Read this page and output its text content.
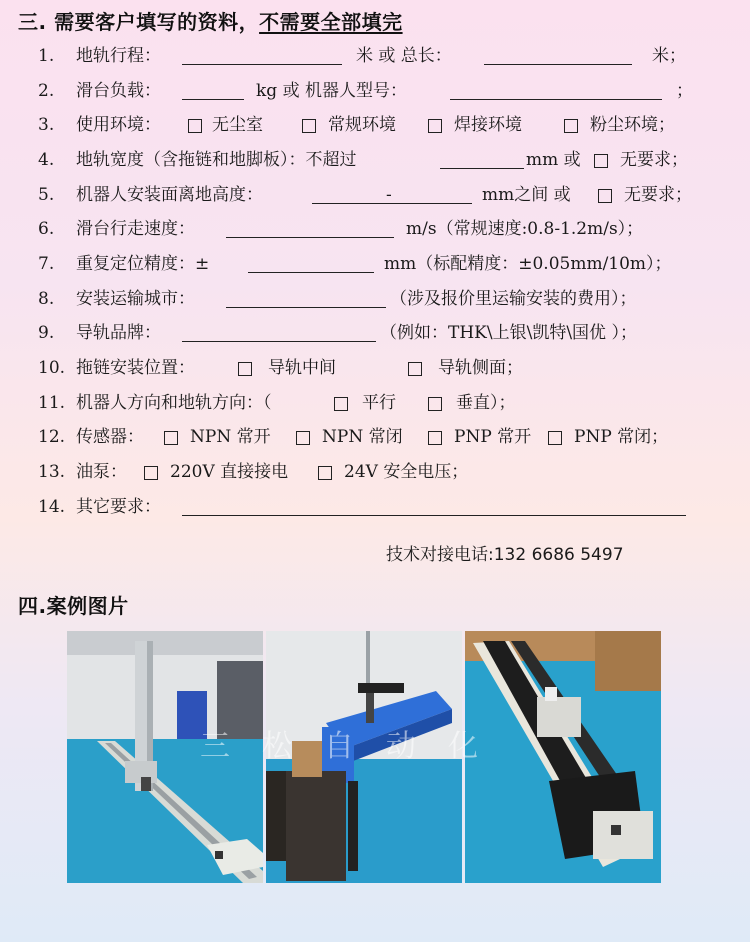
三. 需要客户填写的资料，不需要全部填完
1. 地轨行程：	米 或 总长：	米；
2. 滑台负载：	kg 或 机器人型号：	；
3. 使用环境：	无尘室	常规环境	焊接环境	粉尘环境；
4. 地轨宽度（含拖链和地脚板）：不超过	mm 或 无要求；
5. 机器人安装面离地高度：	-	mm之间 或	无要求；
6. 滑台行走速度：	m/s（常规速度:0.8-1.2m/s）；
7. 重复定位精度：±	mm（标配精度：±0.05mm/10m）；
8. 安装运输城市：	（涉及报价里运输安装的费用）；
9. 导轨品牌：	（例如：THK\上银\凯特\国优 ）；
10. 拖链安装位置：	导轨中间	导轨侧面；
11. 机器人方向和地轨方向：（	平行	垂直）；
12. 传感器：	NPN 常开	NPN 常闭	PNP 常开	PNP 常闭；
13. 油泵：	220V 直接接电	24V 安全电压；
14. 其它要求：
技术对接电话:132 6686 5497
四.案例图片
三松自动化
